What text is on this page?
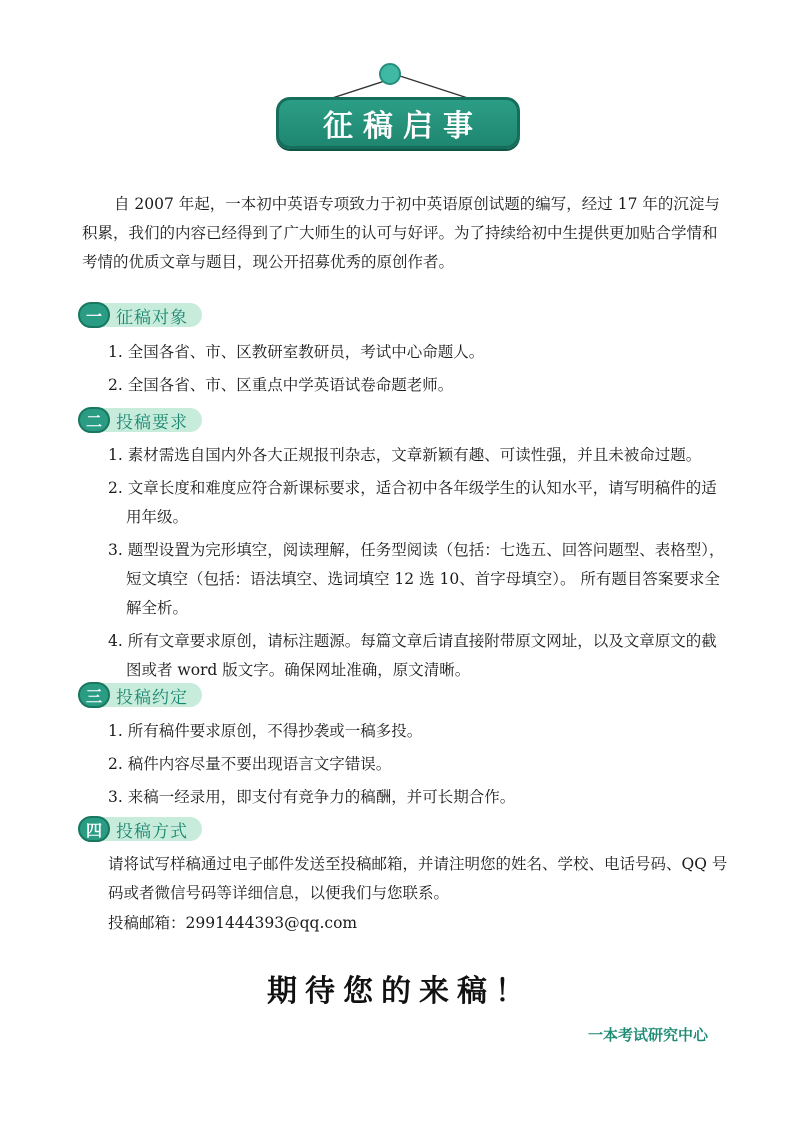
征稿启事

自 2007 年起，一本初中英语专项致力于初中英语原创试题的编写，经过 17 年的沉淀与积累，我们的内容已经得到了广大师生的认可与好评。为了持续给初中生提供更加贴合学情和考情的优质文章与题目，现公开招募优秀的原创作者。

一 征稿对象
1. 全国各省、市、区教研室教研员，考试中心命题人。
2. 全国各省、市、区重点中学英语试卷命题老师。
二 投稿要求
1. 素材需选自国内外各大正规报刊杂志，文章新颖有趣、可读性强，并且未被命过题。
2. 文章长度和难度应符合新课标要求，适合初中各年级学生的认知水平，请写明稿件的适用年级。
3. 题型设置为完形填空，阅读理解，任务型阅读（包括：七选五、回答问题型、表格型），短文填空（包括：语法填空、选词填空 12 选 10、首字母填空）。 所有题目答案要求全解全析。
4. 所有文章要求原创，请标注题源。每篇文章后请直接附带原文网址，以及文章原文的截图或者 word 版文字。确保网址准确，原文清晰。
三 投稿约定
1. 所有稿件要求原创，不得抄袭或一稿多投。
2. 稿件内容尽量不要出现语言文字错误。
3. 来稿一经录用，即支付有竞争力的稿酬，并可长期合作。
四 投稿方式

请将试写样稿通过电子邮件发送至投稿邮箱，并请注明您的姓名、学校、电话号码、QQ 号码或者微信号码等详细信息，以便我们与您联系。

投稿邮箱：2991444393@qq.com

期待您的来稿！
一本考试研究中心
